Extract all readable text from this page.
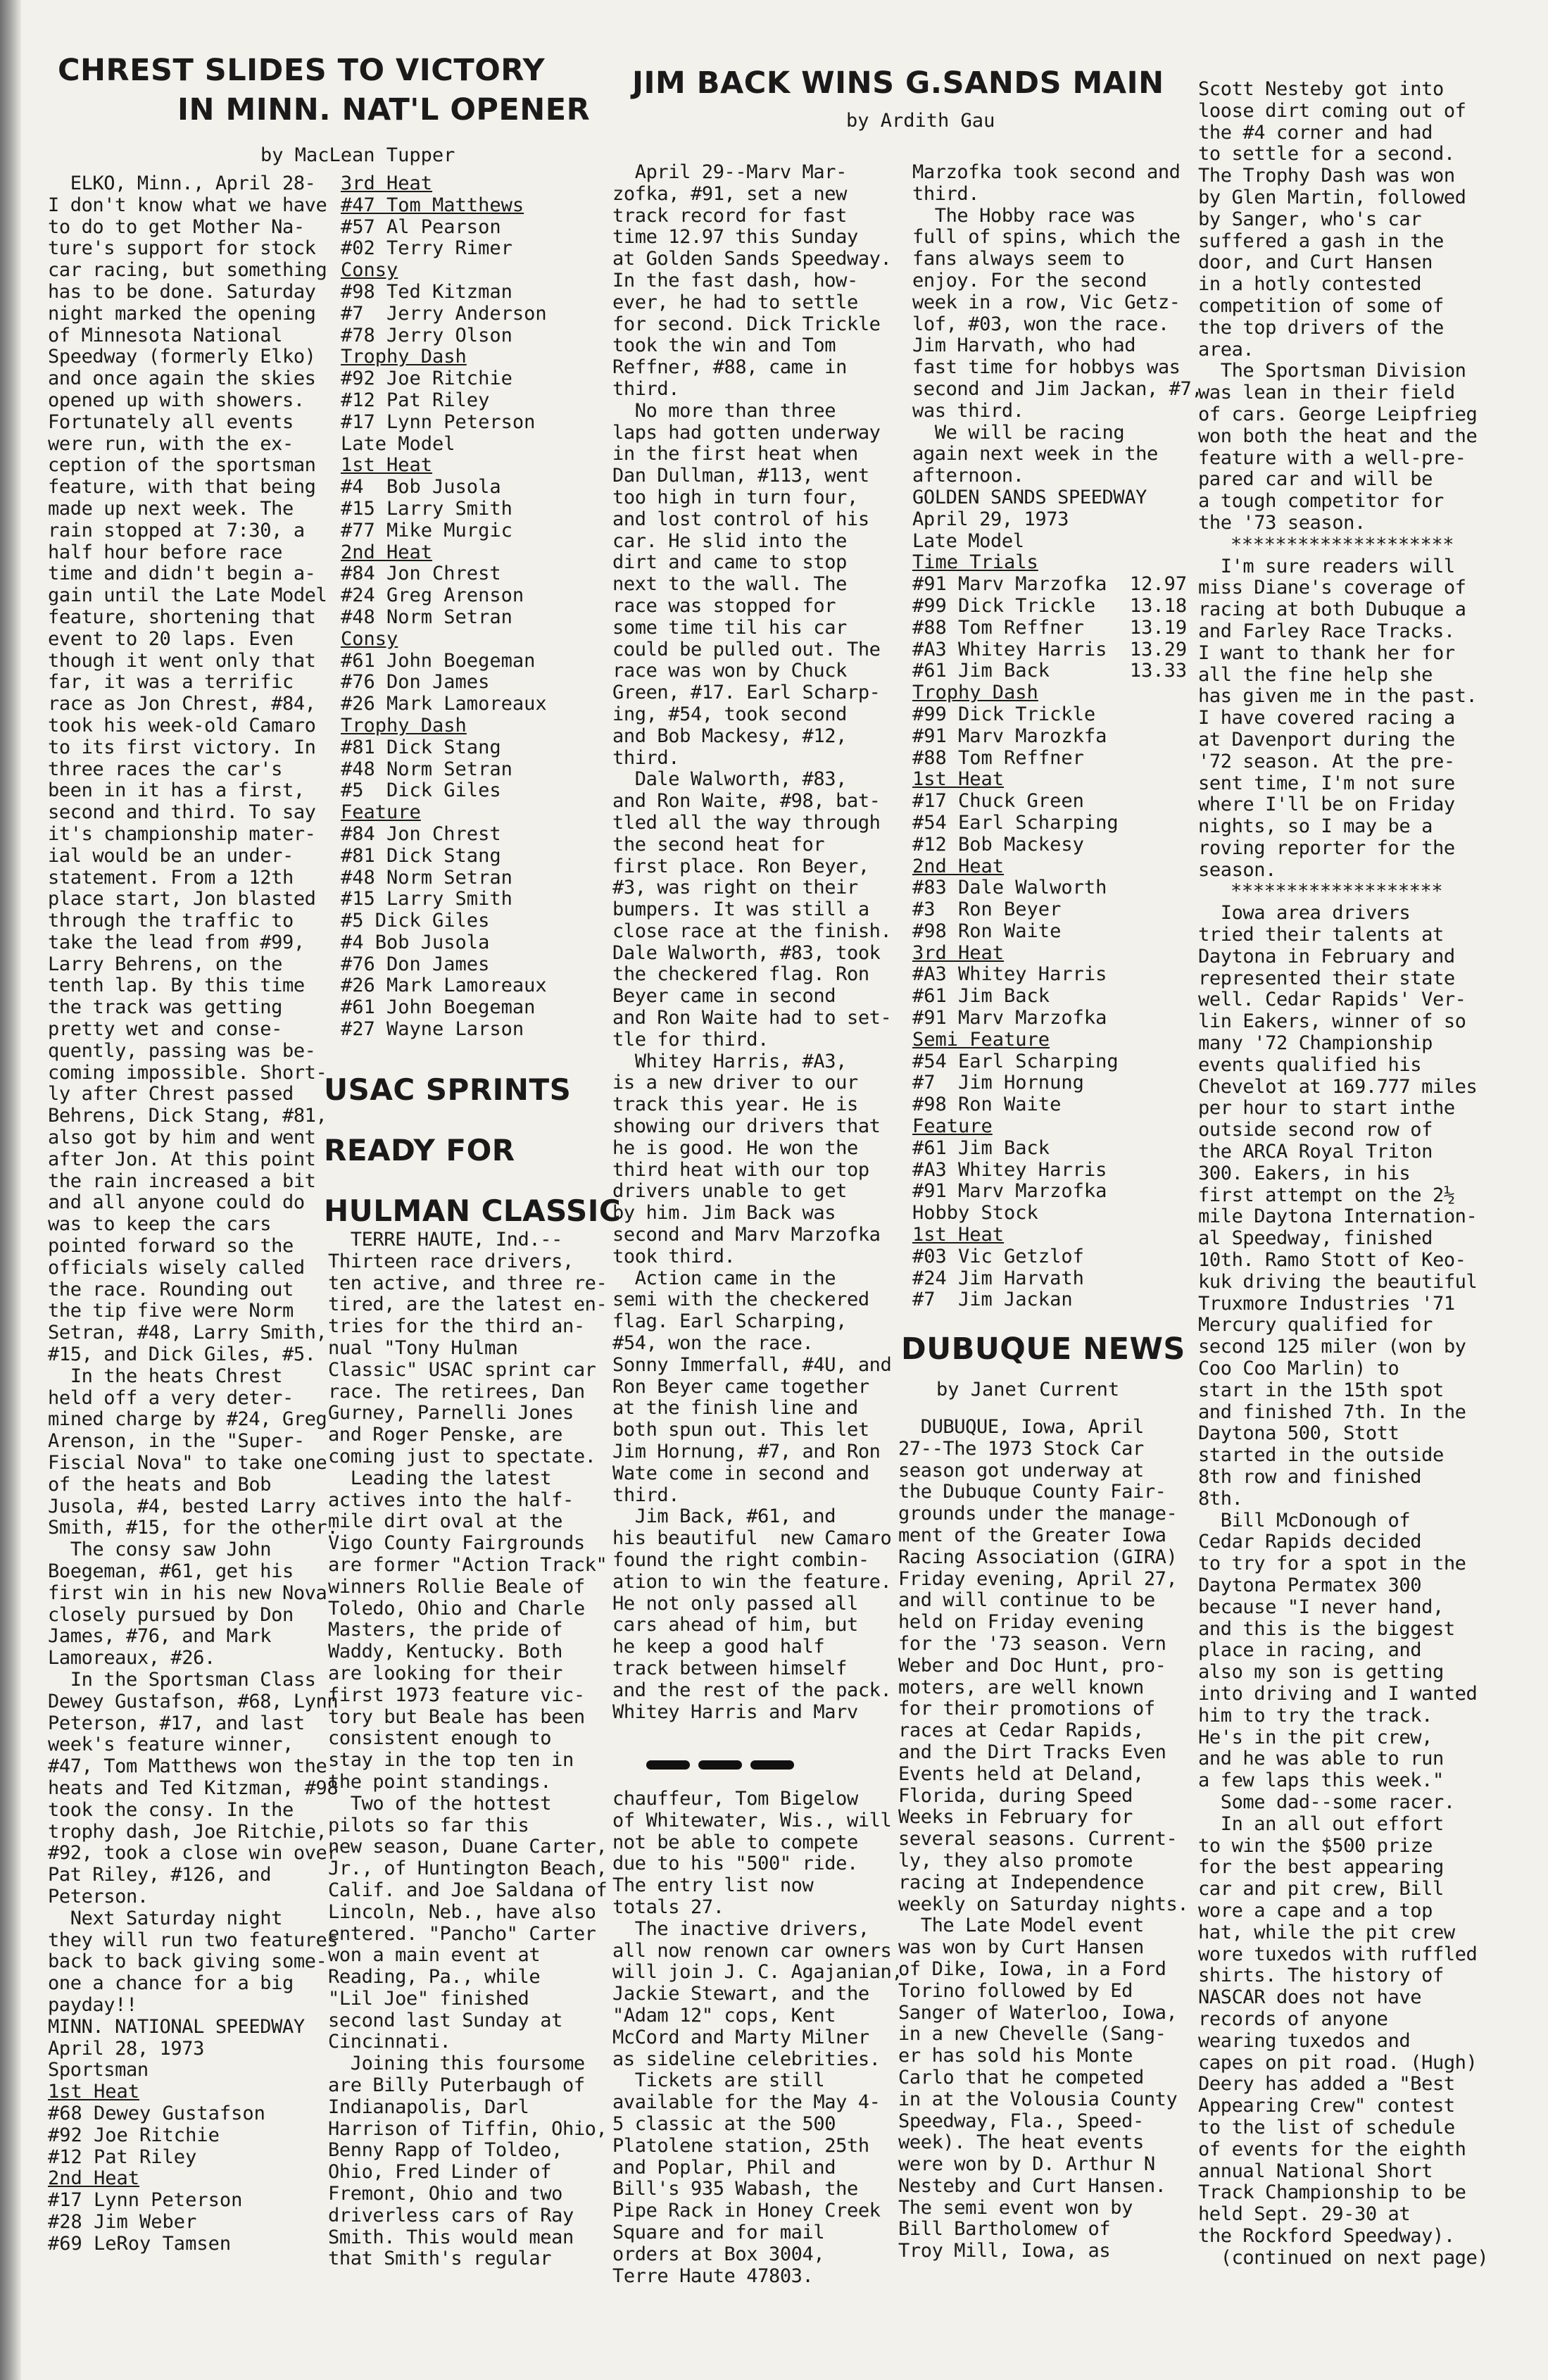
CHREST SLIDES TO VICTORY
IN MINN. NAT'L OPENER

by MacLean Tupper

ELKO, Minn., April 28-
I don't know what we have
to do to get Mother Na-
ture's support for stock
car racing, but something
has to be done. Saturday
night marked the opening
of Minnesota National
Speedway (formerly Elko)
and once again the skies
opened up with showers.
Fortunately all events
were run, with the ex-
ception of the sportsman
feature, with that being
made up next week. The
rain stopped at 7:30, a
half hour before race
time and didn't begin a-
gain until the Late Model
feature, shortening that
event to 20 laps. Even
though it went only that
far, it was a terrific
race as Jon Chrest, #84,
took his week-old Camaro
to its first victory. In
three races the car's
been in it has a first,
second and third. To say
it's championship mater-
ial would be an under-
statement. From a 12th
place start, Jon blasted
through the traffic to
take the lead from #99,
Larry Behrens, on the
tenth lap. By this time
the track was getting
pretty wet and conse-
quently, passing was be-
coming impossible. Short-
ly after Chrest passed
Behrens, Dick Stang, #81,
also got by him and went
after Jon. At this point
the rain increased a bit
and all anyone could do
was to keep the cars
pointed forward so the
officials wisely called
the race. Rounding out
the tip five were Norm
Setran, #48, Larry Smith,
#15, and Dick Giles, #5.
In the heats Chrest
held off a very deter-
mined charge by #24, Greg
Arenson, in the "Super-
Fiscial Nova" to take one
of the heats and Bob
Jusola, #4, bested Larry
Smith, #15, for the other.
The consy saw John
Boegeman, #61, get his
first win in his new Nova
closely pursued by Don
James, #76, and Mark
Lamoreaux, #26.
In the Sportsman Class
Dewey Gustafson, #68, Lynn
Peterson, #17, and last
week's feature winner,
#47, Tom Matthews won the
heats and Ted Kitzman, #98
took the consy. In the
trophy dash, Joe Ritchie,
#92, took a close win over
Pat Riley, #126, and
Peterson.
Next Saturday night
they will run two features
back to back giving some-
one a chance for a big
payday!!
MINN. NATIONAL SPEEDWAY
April 28, 1973
Sportsman

1st Heat

#68 Dewey Gustafson

#92 Joe Ritchie

#12 Pat Riley

2nd Heat

#17 Lynn Peterson

#28 Jim Weber

#69 LeRoy Tamsen

3rd Heat

#47 Tom Matthews

#57 Al Pearson

#02 Terry Rimer

Consy

#98 Ted Kitzman

#7  Jerry Anderson

#78 Jerry Olson

Trophy Dash

#92 Joe Ritchie

#12 Pat Riley

#17 Lynn Peterson

Late Model

1st Heat

#4  Bob Jusola

#15 Larry Smith

#77 Mike Murgic

2nd Heat

#84 Jon Chrest

#24 Greg Arenson

#48 Norm Setran

Consy

#61 John Boegeman

#76 Don James

#26 Mark Lamoreaux

Trophy Dash

#81 Dick Stang

#48 Norm Setran

#5  Dick Giles

Feature

#84 Jon Chrest

#81 Dick Stang

#48 Norm Setran

#15 Larry Smith

#5 Dick Giles

#4 Bob Jusola

#76 Don James

#26 Mark Lamoreaux

#61 John Boegeman

#27 Wayne Larson

USAC SPRINTS
READY FOR
HULMAN CLASSIC

TERRE HAUTE, Ind.--
Thirteen race drivers,
ten active, and three re-
tired, are the latest en-
tries for the third an-
nual "Tony Hulman
Classic" USAC sprint car
race. The retirees, Dan
Gurney, Parnelli Jones
and Roger Penske, are
coming just to spectate.
Leading the latest
actives into the half-
mile dirt oval at the
Vigo County Fairgrounds
are former "Action Track"
winners Rollie Beale of
Toledo, Ohio and Charle
Masters, the pride of
Waddy, Kentucky. Both
are looking for their
first 1973 feature vic-
tory but Beale has been
consistent enough to
stay in the top ten in
the point standings.
Two of the hottest
pilots so far this
new season, Duane Carter,
Jr., of Huntington Beach,
Calif. and Joe Saldana of
Lincoln, Neb., have also
entered. "Pancho" Carter
won a main event at
Reading, Pa., while
"Lil Joe" finished
second last Sunday at
Cincinnati.
Joining this foursome
are Billy Puterbaugh of
Indianapolis, Darl
Harrison of Tiffin, Ohio,
Benny Rapp of Toldeo,
Ohio, Fred Linder of
Fremont, Ohio and two
driverless cars of Ray
Smith. This would mean
that Smith's regular

JIM BACK WINS G.SANDS MAIN

by Ardith Gau

April 29--Marv Mar-
zofka, #91, set a new
track record for fast
time 12.97 this Sunday
at Golden Sands Speedway.
In the fast dash, how-
ever, he had to settle
for second. Dick Trickle
took the win and Tom
Reffner, #88, came in
third.
No more than three
laps had gotten underway
in the first heat when
Dan Dullman, #113, went
too high in turn four,
and lost control of his
car. He slid into the
dirt and came to stop
next to the wall. The
race was stopped for
some time til his car
could be pulled out. The
race was won by Chuck
Green, #17. Earl Scharp-
ing, #54, took second
and Bob Mackesy, #12,
third.
Dale Walworth, #83,
and Ron Waite, #98, bat-
tled all the way through
the second heat for
first place. Ron Beyer,
#3, was right on their
bumpers. It was still a
close race at the finish.
Dale Walworth, #83, took
the checkered flag. Ron
Beyer came in second
and Ron Waite had to set-
tle for third.
Whitey Harris, #A3,
is a new driver to our
track this year. He is
showing our drivers that
he is good. He won the
third heat with our top
drivers unable to get
by him. Jim Back was
second and Marv Marzofka
took third.
Action came in the
semi with the checkered
flag. Earl Scharping,
#54, won the race.
Sonny Immerfall, #4U, and
Ron Beyer came together
at the finish line and
both spun out. This let
Jim Hornung, #7, and Ron
Wate come in second and
third.
Jim Back, #61, and
his beautiful  new Camaro
found the right combin-
ation to win the feature.
He not only passed all
cars ahead of him, but
he keep a good half
track between himself
and the rest of the pack.
Whitey Harris and Marv

chauffeur, Tom Bigelow
of Whitewater, Wis., will
not be able to compete
due to his "500" ride.
The entry list now
totals 27.
The inactive drivers,
all now renown car owners
will join J. C. Agajanian,
Jackie Stewart, and the
"Adam 12" cops, Kent
McCord and Marty Milner
as sideline celebrities.
Tickets are still
available for the May 4-
5 classic at the 500
Platolene station, 25th
and Poplar, Phil and
Bill's 935 Wabash, the
Pipe Rack in Honey Creek
Square and for mail
orders at Box 3004,
Terre Haute 47803.

Marzofka took second and
third.
The Hobby race was
full of spins, which the
fans always seem to
enjoy. For the second
week in a row, Vic Getz-
lof, #03, won the race.
Jim Harvath, who had
fast time for hobbys was
second and Jim Jackan, #7,
was third.
We will be racing
again next week in the
afternoon.
GOLDEN SANDS SPEEDWAY
April 29, 1973
Late Model

Time Trials

#91 Marv Marzofka  12.97

#99 Dick Trickle   13.18

#88 Tom Reffner    13.19

#A3 Whitey Harris  13.29

#61 Jim Back       13.33

Trophy Dash

#99 Dick Trickle

#91 Marv Marozkfa

#88 Tom Reffner

1st Heat

#17 Chuck Green

#54 Earl Scharping

#12 Bob Mackesy

2nd Heat

#83 Dale Walworth

#3  Ron Beyer

#98 Ron Waite

3rd Heat

#A3 Whitey Harris

#61 Jim Back

#91 Marv Marzofka

Semi Feature

#54 Earl Scharping

#7  Jim Hornung

#98 Ron Waite

Feature

#61 Jim Back

#A3 Whitey Harris

#91 Marv Marzofka

Hobby Stock

1st Heat

#03 Vic Getzlof

#24 Jim Harvath

#7  Jim Jackan

DUBUQUE NEWS

by Janet Current

DUBUQUE, Iowa, April
27--The 1973 Stock Car
season got underway at
the Dubuque County Fair-
grounds under the manage-
ment of the Greater Iowa
Racing Association (GIRA)
Friday evening, April 27,
and will continue to be
held on Friday evening
for the '73 season. Vern
Weber and Doc Hunt, pro-
moters, are well known
for their promotions of
races at Cedar Rapids,
and the Dirt Tracks Even
Events held at Deland,
Florida, during Speed
Weeks in February for
several seasons. Current-
ly, they also promote
racing at Independence
weekly on Saturday nights.
The Late Model event
was won by Curt Hansen
of Dike, Iowa, in a Ford
Torino followed by Ed
Sanger of Waterloo, Iowa,
in a new Chevelle (Sang-
er has sold his Monte
Carlo that he competed
in at the Volousia County
Speedway, Fla., Speed-
week). The heat events
were won by D. Arthur N
Nesteby and Curt Hansen.
The semi event won by
Bill Bartholomew of
Troy Mill, Iowa, as

Scott Nesteby got into
loose dirt coming out of
the #4 corner and had
to settle for a second.
The Trophy Dash was won
by Glen Martin, followed
by Sanger, who's car
suffered a gash in the
door, and Curt Hansen
in a hotly contested
competition of some of
the top drivers of the
area.
The Sportsman Division
was lean in their field
of cars. George Leipfrieg
won both the heat and the
feature with a well-pre-
pared car and will be
a tough competitor for
the '73 season.

********************

I'm sure readers will
miss Diane's coverage of
racing at both Dubuque a
and Farley Race Tracks.
I want to thank her for
all the fine help she
has given me in the past.
I have covered racing a
at Davenport during the
'72 season. At the pre-
sent time, I'm not sure
where I'll be on Friday
nights, so I may be a
roving reporter for the
season.

*******************

Iowa area drivers
tried their talents at
Daytona in February and
represented their state
well. Cedar Rapids' Ver-
lin Eakers, winner of so
many '72 Championship
events qualified his
Chevelot at 169.777 miles
per hour to start inthe
outside second row of
the ARCA Royal Triton
300. Eakers, in his
first attempt on the 2½
mile Daytona Internation-
al Speedway, finished
10th. Ramo Stott of Keo-
kuk driving the beautiful
Truxmore Industries '71
Mercury qualified for
second 125 miler (won by
Coo Coo Marlin) to
start in the 15th spot
and finished 7th. In the
Daytona 500, Stott
started in the outside
8th row and finished
8th.
Bill McDonough of
Cedar Rapids decided
to try for a spot in the
Daytona Permatex 300
because "I never hand,
and this is the biggest
place in racing, and
also my son is getting
into driving and I wanted
him to try the track.
He's in the pit crew,
and he was able to run
a few laps this week."
Some dad--some racer.
In an all out effort
to win the $500 prize
for the best appearing
car and pit crew, Bill
wore a cape and a top
hat, while the pit crew
wore tuxedos with ruffled
shirts. The history of
NASCAR does not have
records of anyone
wearing tuxedos and
capes on pit road. (Hugh)
Deery has added a "Best
Appearing Crew" contest
to the list of schedule
of events for the eighth
annual National Short
Track Championship to be
held Sept. 29-30 at
the Rockford Speedway).
(continued on next page)
